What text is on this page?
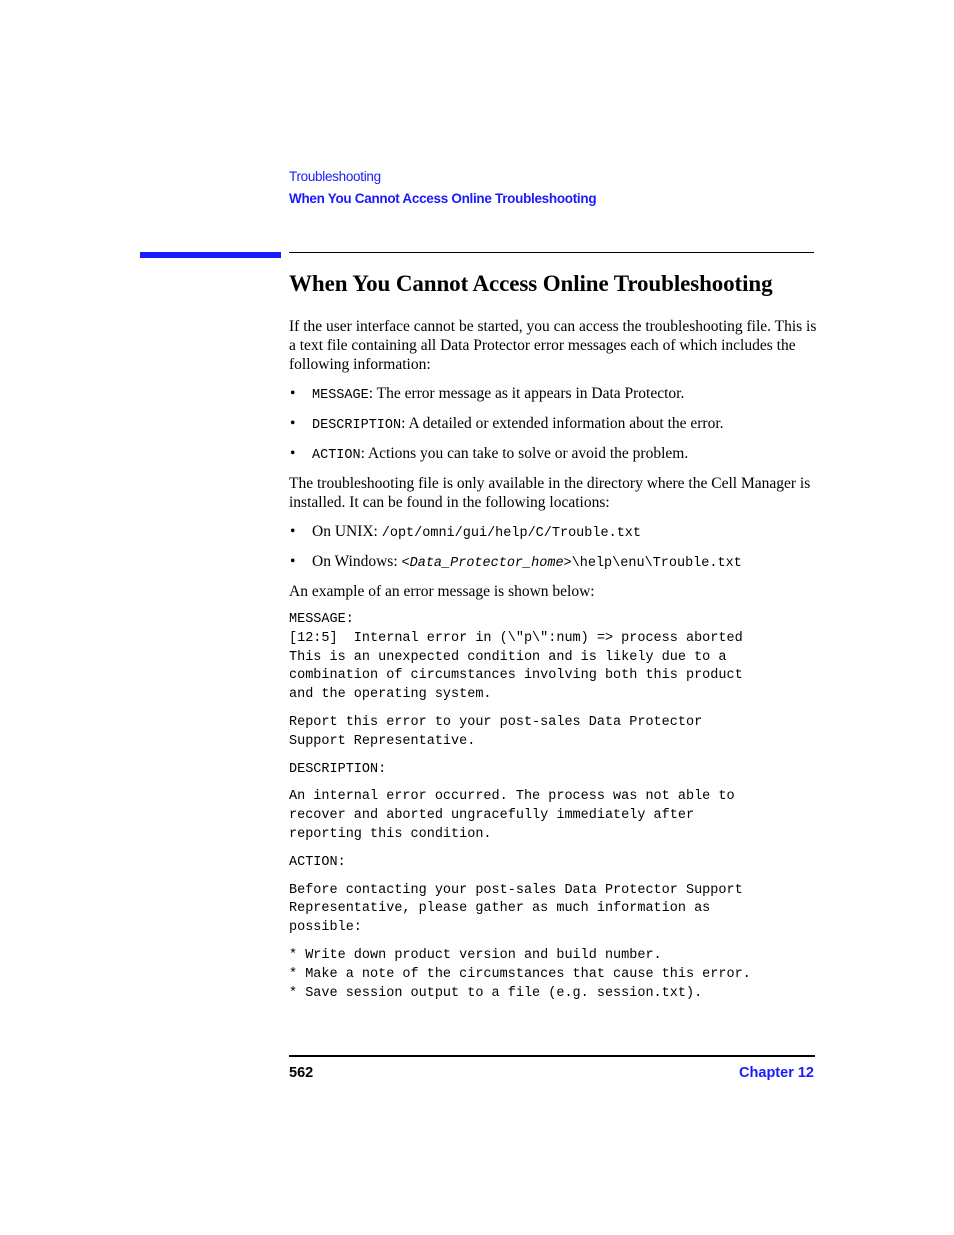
Troubleshooting
When You Cannot Access Online Troubleshooting
When You Cannot Access Online Troubleshooting

If the user interface cannot be started, you can access the troubleshooting file. This is a text file containing all Data Protector error messages each of which includes the following information:

• MESSAGE: The error message as it appears in Data Protector.
• DESCRIPTION: A detailed or extended information about the error.
• ACTION: Actions you can take to solve or avoid the problem.

The troubleshooting file is only available in the directory where the Cell Manager is installed. It can be found in the following locations:

• On UNIX: /opt/omni/gui/help/C/Trouble.txt
• On Windows: <Data_Protector_home>\help\enu\Trouble.txt

An example of an error message is shown below:

MESSAGE:
[12:5]  Internal error in (\"p\":num) => process aborted
This is an unexpected condition and is likely due to a
combination of circumstances involving both this product
and the operating system.
Report this error to your post-sales Data Protector
Support Representative.
DESCRIPTION:
An internal error occurred. The process was not able to
recover and aborted ungracefully immediately after
reporting this condition.
ACTION:
Before contacting your post-sales Data Protector Support
Representative, please gather as much information as
possible:
* Write down product version and build number.
* Make a note of the circumstances that cause this error.
* Save session output to a file (e.g. session.txt).
562	Chapter 12
